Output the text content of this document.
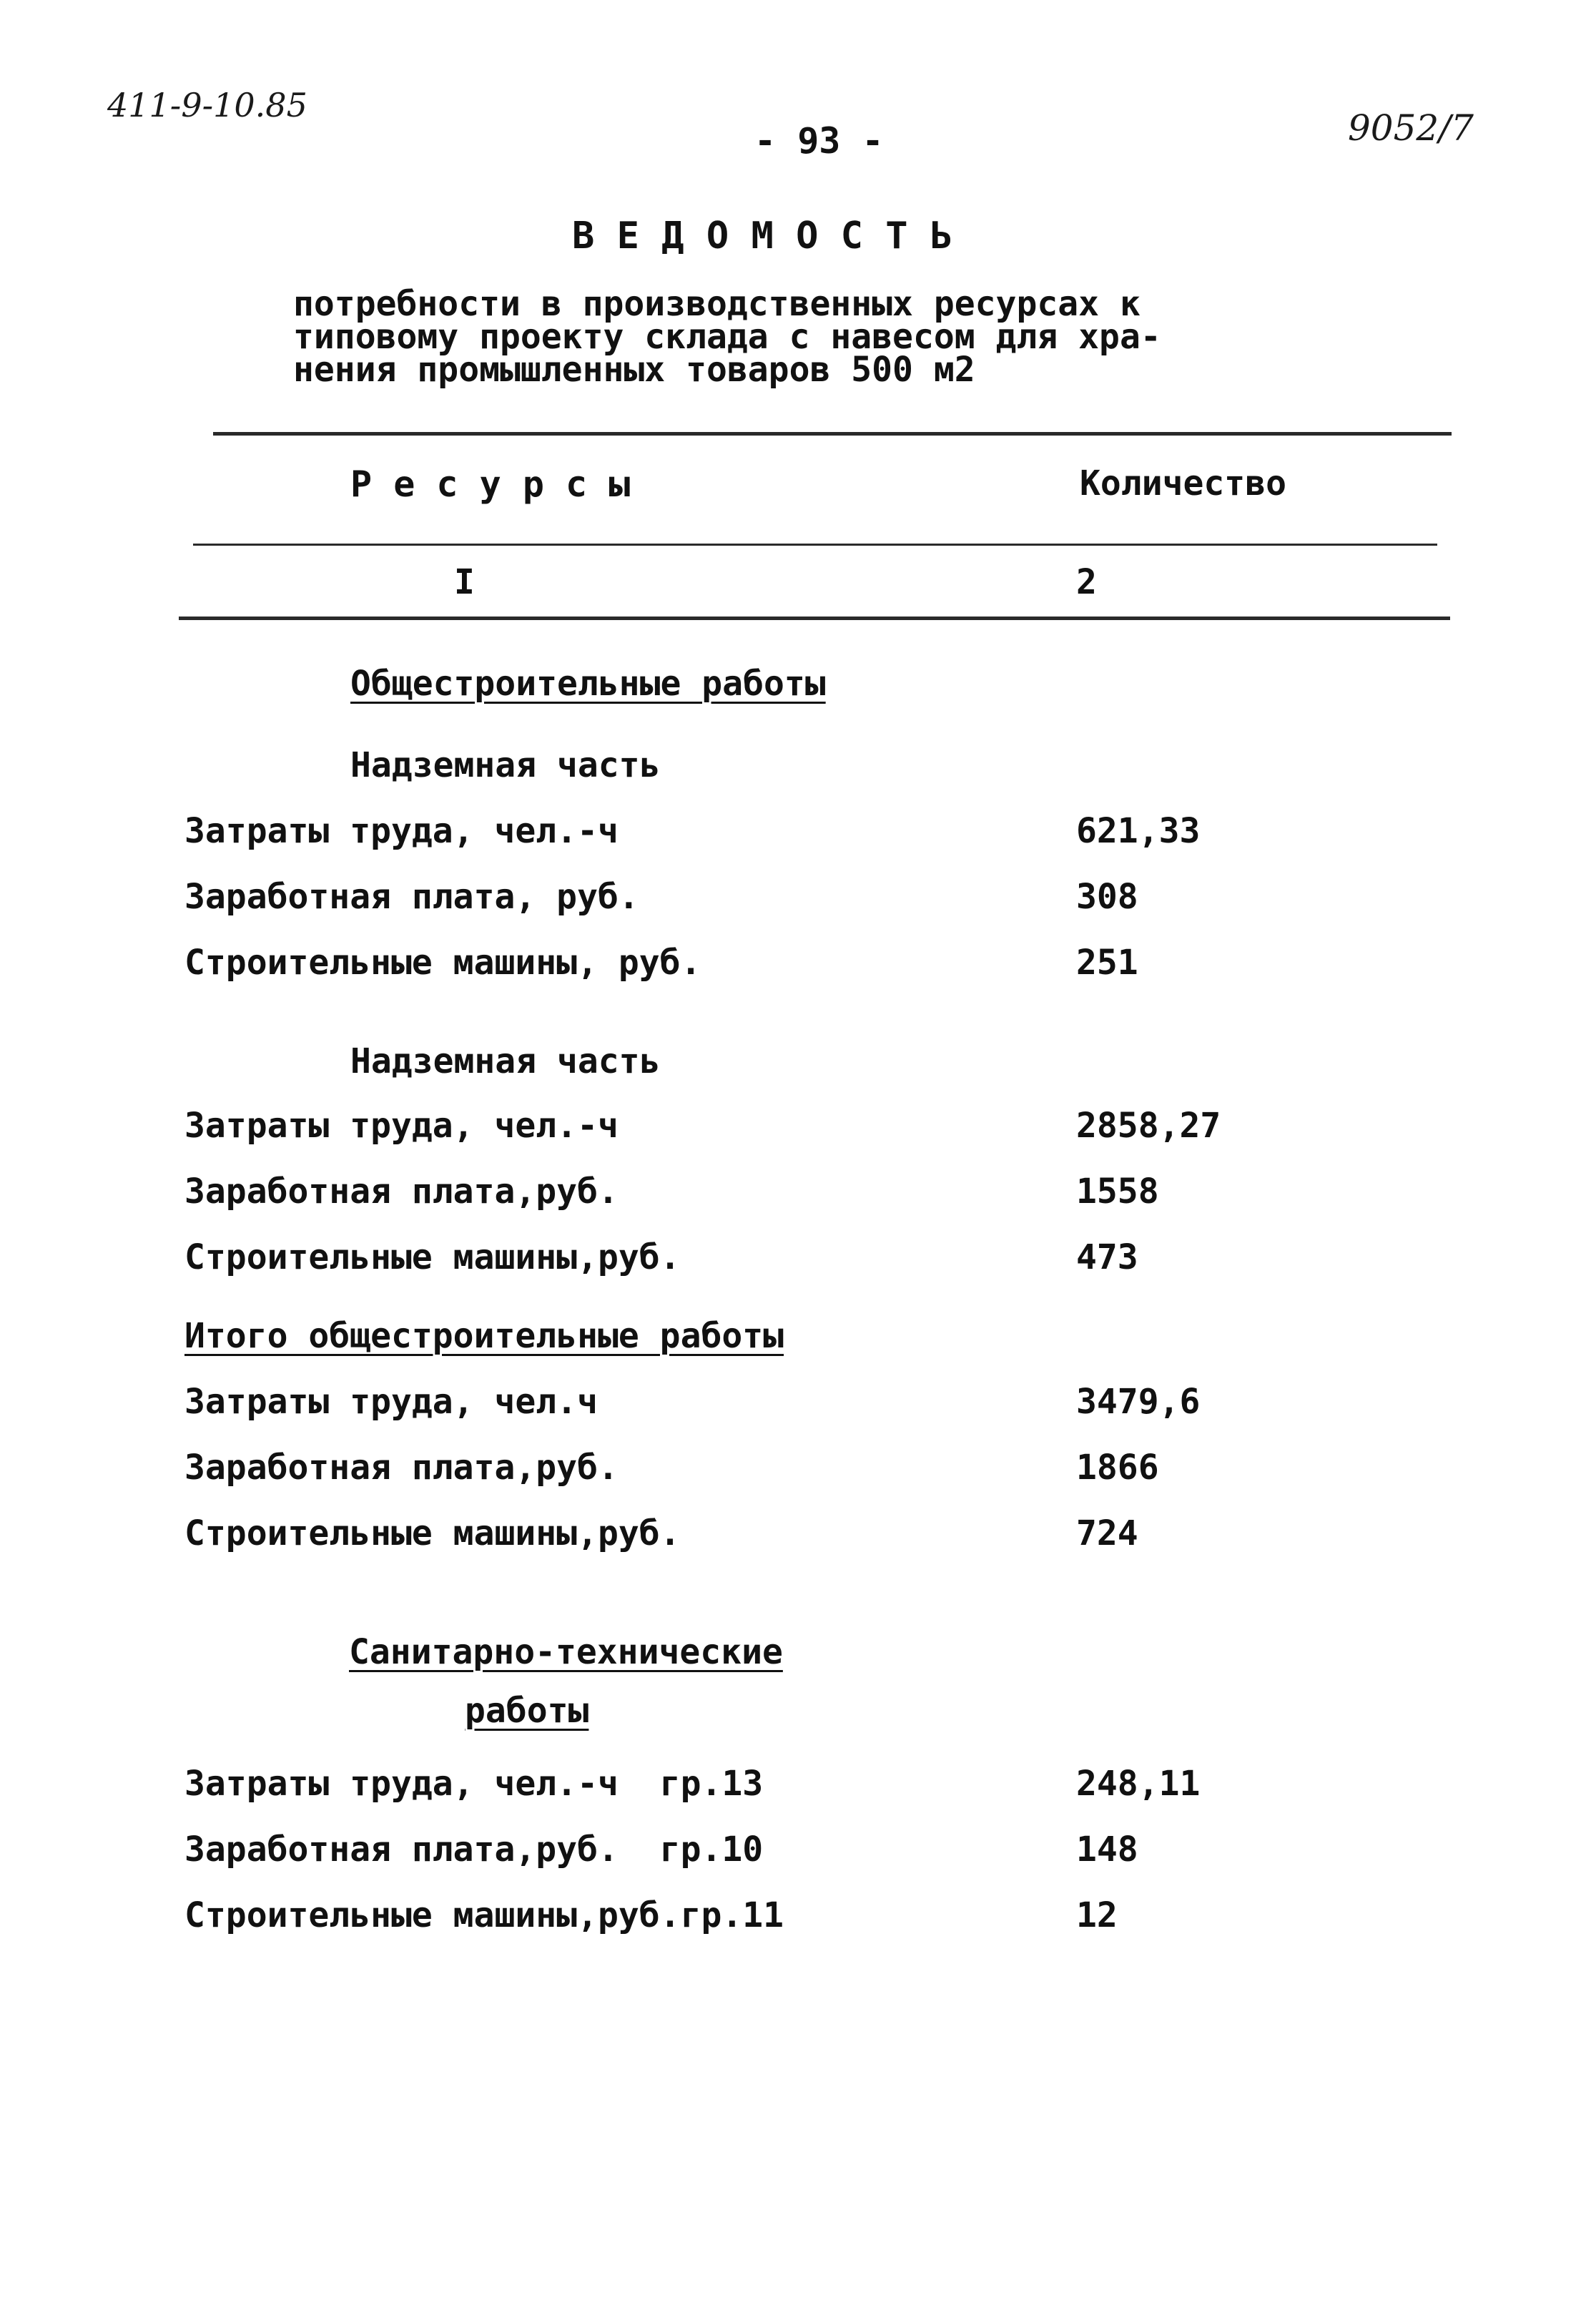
411-9-10.85
- 93 -	9052/7
В Е Д О М О С Т Ь
потребности в производственных ресурсах к
типовому проекту склада с навесом для хра-
нения промышленных товаров 500 м2
Р е с у р с ы	Количество
I	2
Общестроительные работы
Надземная часть
Затраты труда, чел.-ч	621,33
Заработная плата, руб.	308
Строительные машины, руб.	251
Надземная часть
Затраты труда, чел.-ч	2858,27
Заработная плата,руб.	1558
Строительные машины,руб.	473
Итого общестроительные работы
Затраты труда, чел.ч	3479,6
Заработная плата,руб.	1866
Строительные машины,руб.	724
Санитарно-технические
работы
Затраты труда, чел.-ч  гр.13	248,11
Заработная плата,руб.  гр.10	148
Строительные машины,руб.гр.11	12
